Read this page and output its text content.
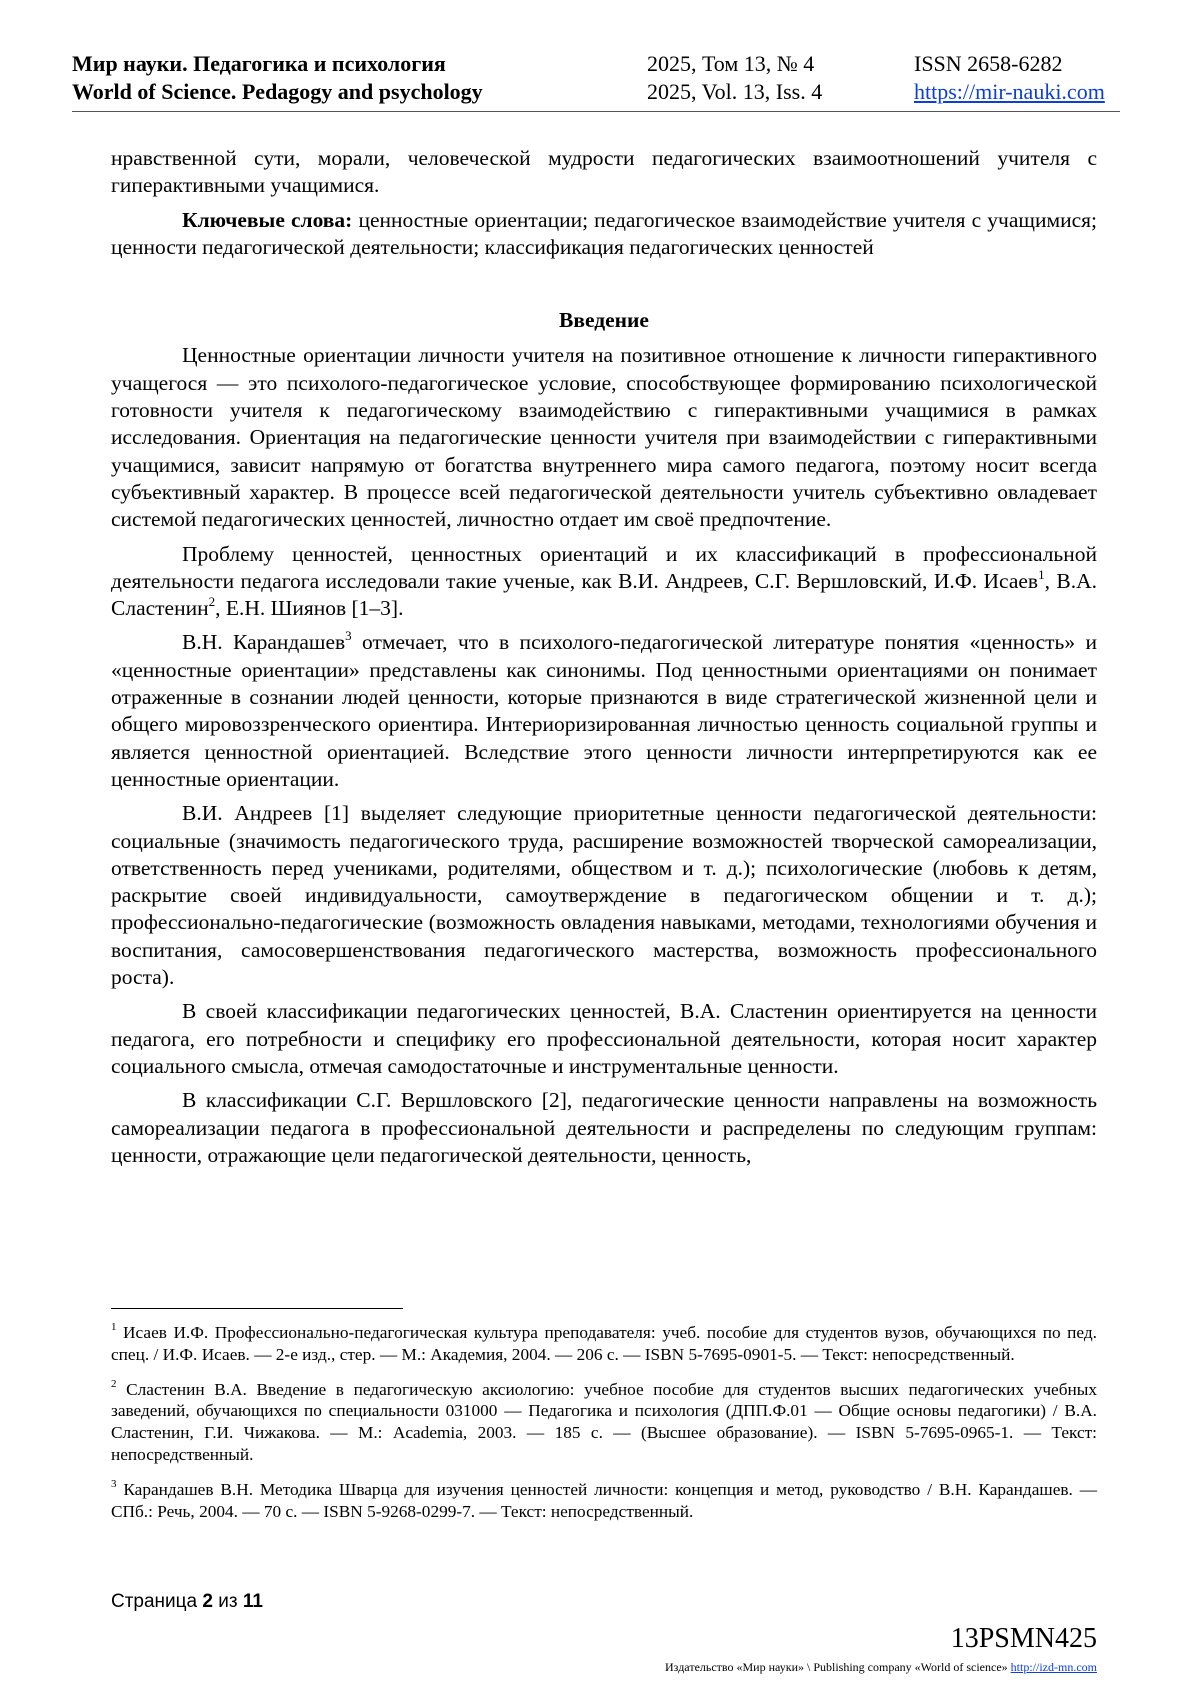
Мир науки. Педагогика и психология
World of Science. Pedagogy and psychology
2025, Том 13, № 4
2025, Vol. 13, Iss. 4
ISSN 2658-6282
https://mir-nauki.com

нравственной сути, морали, человеческой мудрости педагогических взаимоотношений учителя с гиперактивными учащимися.

Ключевые слова: ценностные ориентации; педагогическое взаимодействие учителя с учащимися; ценности педагогической деятельности; классификация педагогических ценностей

Введение

Ценностные ориентации личности учителя на позитивное отношение к личности гиперактивного учащегося — это психолого-педагогическое условие, способствующее формированию психологической готовности учителя к педагогическому взаимодействию с гиперактивными учащимися в рамках исследования. Ориентация на педагогические ценности учителя при взаимодействии с гиперактивными учащимися, зависит напрямую от богатства внутреннего мира самого педагога, поэтому носит всегда субъективный характер. В процессе всей педагогической деятельности учитель субъективно овладевает системой педагогических ценностей, личностно отдает им своё предпочтение.

Проблему ценностей, ценностных ориентаций и их классификаций в профессиональной деятельности педагога исследовали такие ученые, как В.И. Андреев, С.Г. Вершловский, И.Ф. Исаев$^1$, В.А. Сластенин$^2$, Е.Н. Шиянов [1–3].

В.Н. Карандашев$^3$ отмечает, что в психолого-педагогической литературе понятия «ценность» и «ценностные ориентации» представлены как синонимы. Под ценностными ориентациями он понимает отраженные в сознании людей ценности, которые признаются в виде стратегической жизненной цели и общего мировоззренческого ориентира. Интериоризированная личностью ценность социальной группы и является ценностной ориентацией. Вследствие этого ценности личности интерпретируются как ее ценностные ориентации.

В.И. Андреев [1] выделяет следующие приоритетные ценности педагогической деятельности: социальные (значимость педагогического труда, расширение возможностей творческой самореализации, ответственность перед учениками, родителями, обществом и т. д.); психологические (любовь к детям, раскрытие своей индивидуальности, самоутверждение в педагогическом общении и т. д.); профессионально-педагогические (возможность овладения навыками, методами, технологиями обучения и воспитания, самосовершенствования педагогического мастерства, возможность профессионального роста).

В своей классификации педагогических ценностей, В.А. Сластенин ориентируется на ценности педагога, его потребности и специфику его профессиональной деятельности, которая носит характер социального смысла, отмечая самодостаточные и инструментальные ценности.

В классификации С.Г. Вершловского [2], педагогические ценности направлены на возможность самореализации педагога в профессиональной деятельности и распределены по следующим группам: ценности, отражающие цели педагогической деятельности, ценность,

$^1$ Исаев И.Ф. Профессионально-педагогическая культура преподавателя: учеб. пособие для студентов вузов, обучающихся по пед. спец. / И.Ф. Исаев. — 2-е изд., стер. — М.: Академия, 2004. — 206 с. — ISBN 5-7695-0901-5. — Текст: непосредственный.

$^2$ Сластенин В.А. Введение в педагогическую аксиологию: учебное пособие для студентов высших педагогических учебных заведений, обучающихся по специальности 031000 — Педагогика и психология (ДПП.Ф.01 — Общие основы педагогики) / В.А. Сластенин, Г.И. Чижакова. — М.: Academia, 2003. — 185 с. — (Высшее образование). — ISBN 5-7695-0965-1. — Текст: непосредственный.

$^3$ Карандашев В.Н. Методика Шварца для изучения ценностей личности: концепция и метод, руководство / В.Н. Карандашев. — СПб.: Речь, 2004. — 70 с. — ISBN 5-9268-0299-7. — Текст: непосредственный.

Страница 2 из 11
13PSMN425
Издательство «Мир науки» \ Publishing company «World of science» http://izd-mn.com
